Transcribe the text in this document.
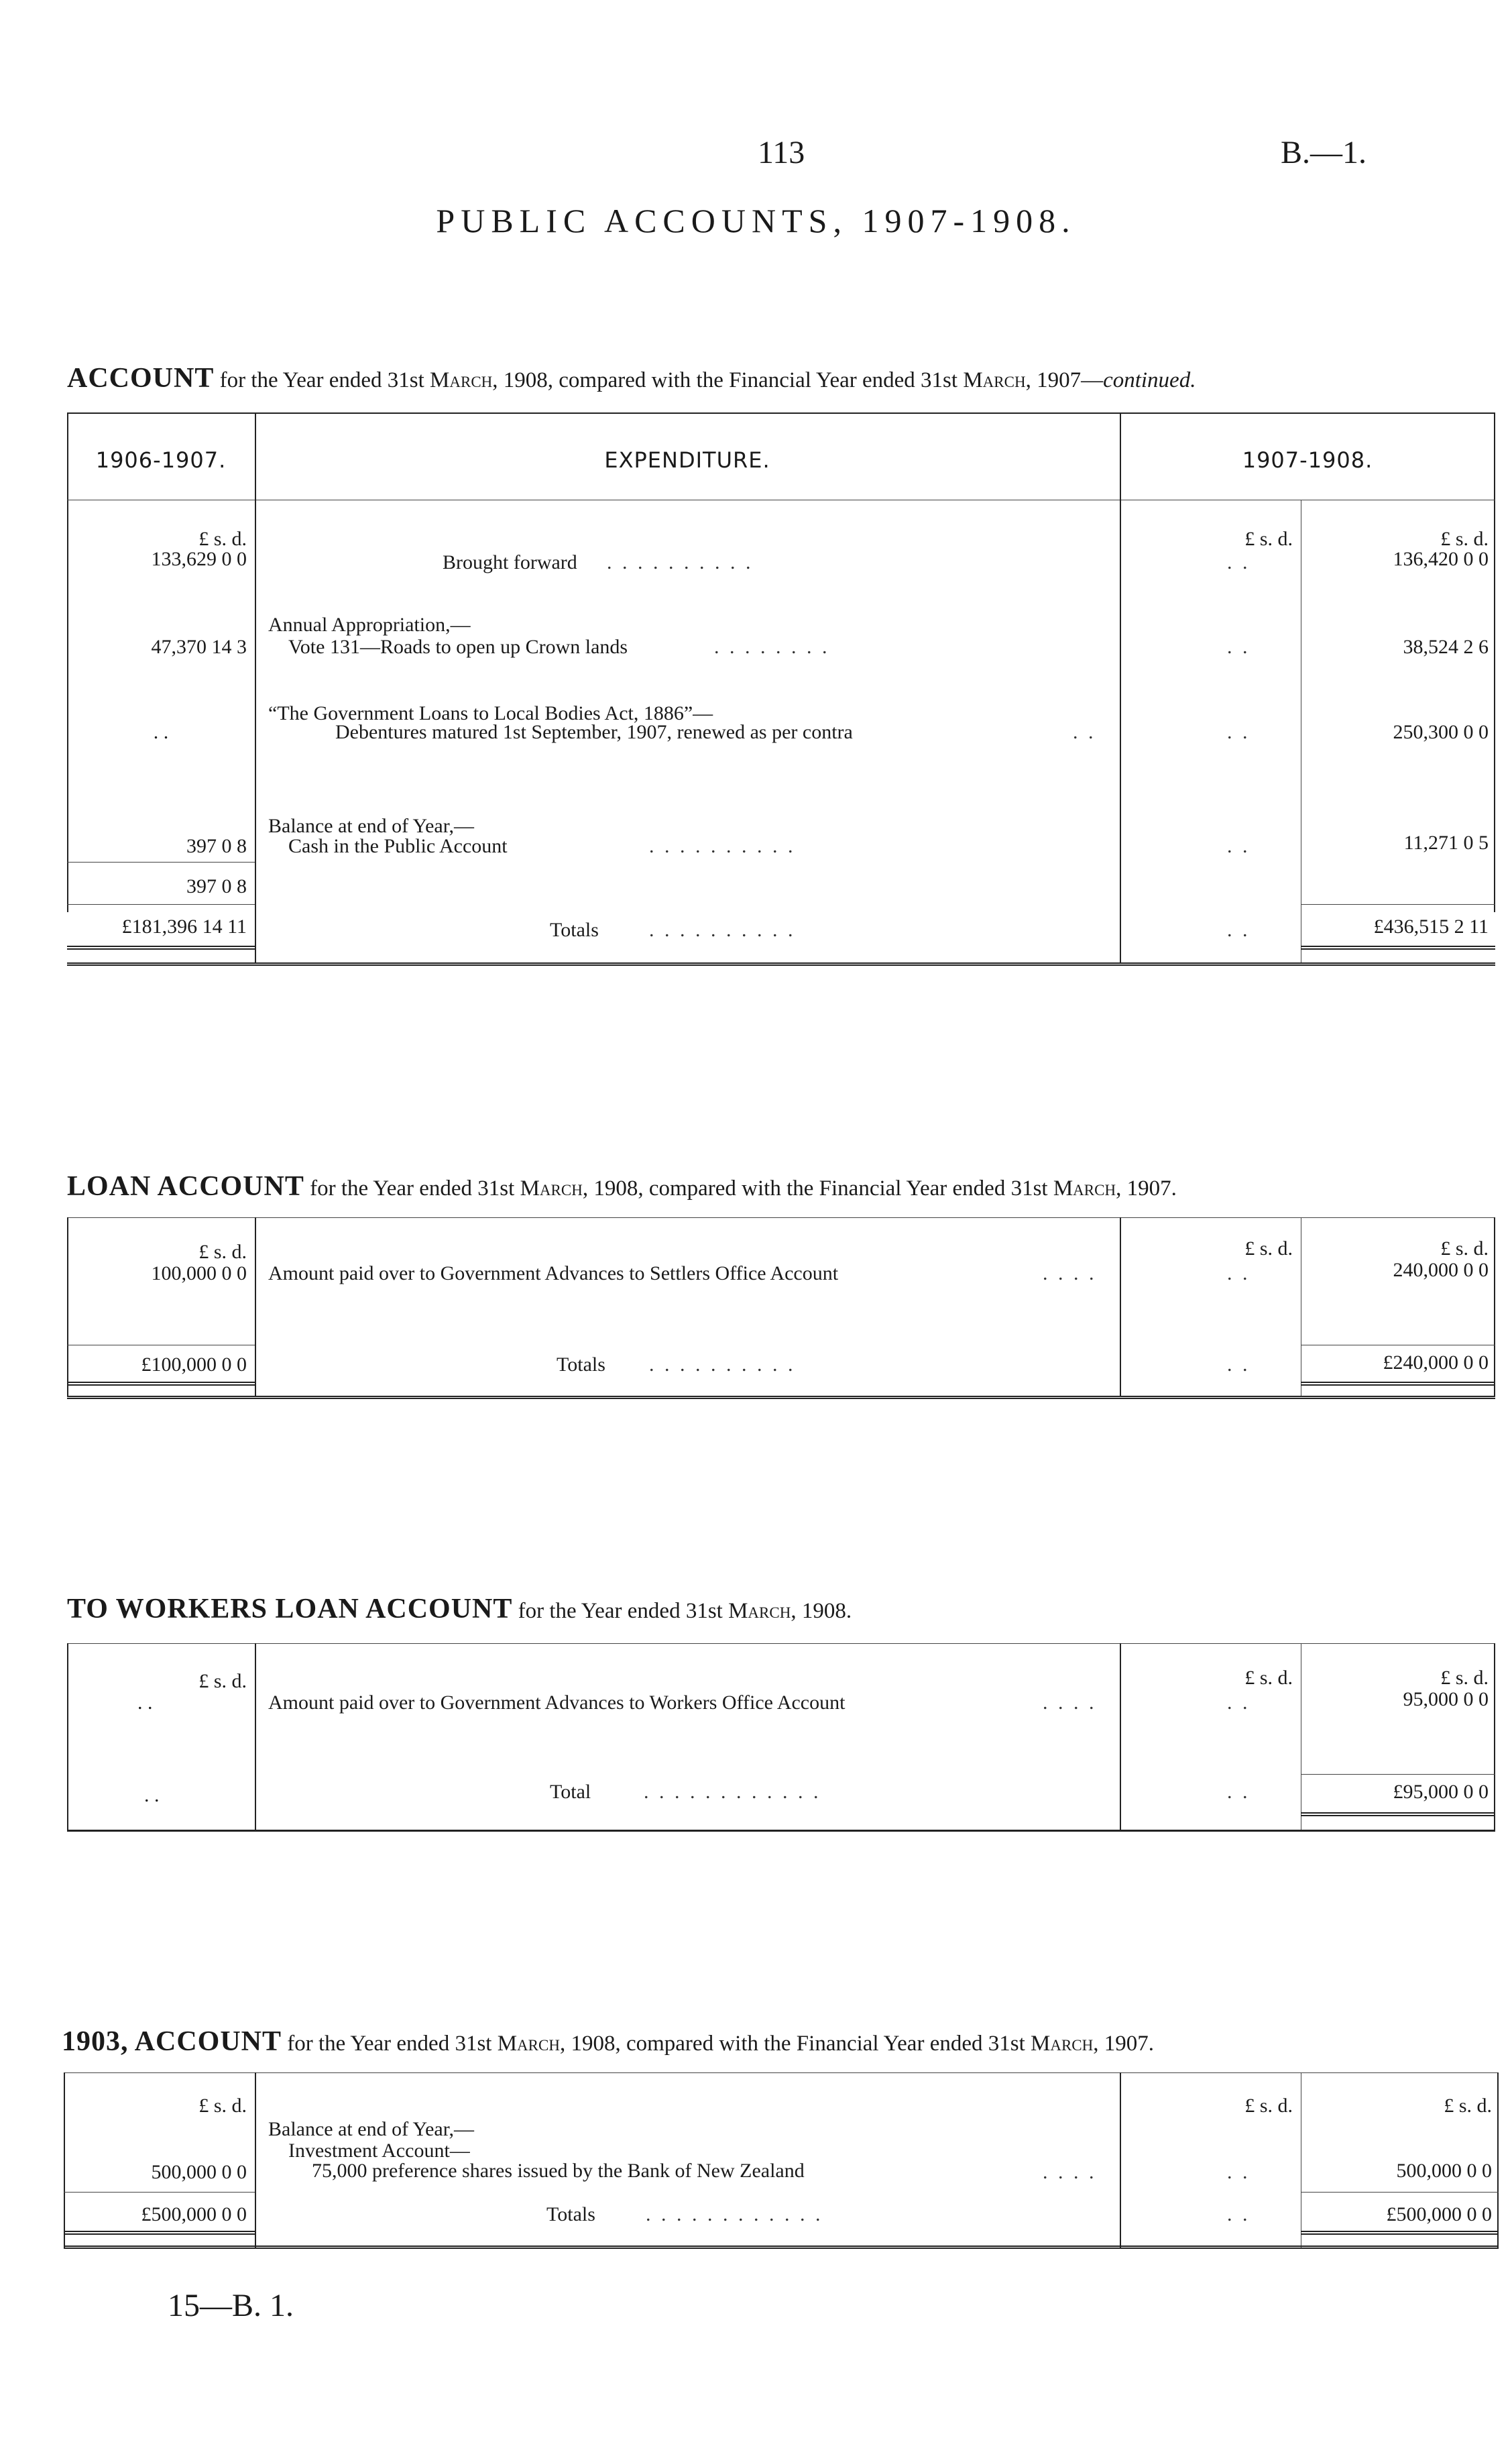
113	B.—1.
PUBLIC ACCOUNTS, 1907-1908.
ACCOUNT for the Year ended 31st March, 1908, compared with the Financial Year ended 31st March, 1907—continued.
1906-1907.	EXPENDITURE.	1907-1908.
£ s. d.	£ s. d.	£ s. d.
133,629 0 0	Brought forward . . . . . . . . . .	. .	136,420 0 0
Annual Appropriation,—
47,370 14 3 Vote 131—Roads to open up Crown lands	. . . . . . . .	. .	38,524 2 6
“The Government Loans to Local Bodies Act, 1886”—
. .	Debentures matured 1st September, 1907, renewed as per contra	. .	. .	250,300 0 0
Balance at end of Year,—
397 0 8 Cash in the Public Account	. . . . . . . . . .	. .	11,271 0 5
397 0 8
£181,396 14 11	Totals	. . . . . . . . . .	. .	£436,515 2 11
LOAN ACCOUNT for the Year ended 31st March, 1908, compared with the Financial Year ended 31st March, 1907.
£ s. d.	£ s. d.	£ s. d.
100,000 0 0 Amount paid over to Government Advances to Settlers Office Account	. . . .	. .	240,000 0 0
£100,000 0 0	Totals . . . . . . . . . .	. .	£240,000 0 0
TO WORKERS LOAN ACCOUNT for the Year ended 31st March, 1908.
£ s. d.	£ s. d.	£ s. d.
. .	Amount paid over to Government Advances to Workers Office Account	. . . .	. .	95,000 0 0
. .	Total	. . . . . . . . . . . .	. .	£95,000 0 0
1903, ACCOUNT for the Year ended 31st March, 1908, compared with the Financial Year ended 31st March, 1907.
£ s. d.	£ s. d.	£ s. d.
Balance at end of Year,—
Investment Account—
500,000 0 0	75,000 preference shares issued by the Bank of New Zealand	. . . .	. .	500,000 0 0
£500,000 0 0	Totals	. . . . . . . . . . . .	. .	£500,000 0 0
15—B. 1.
